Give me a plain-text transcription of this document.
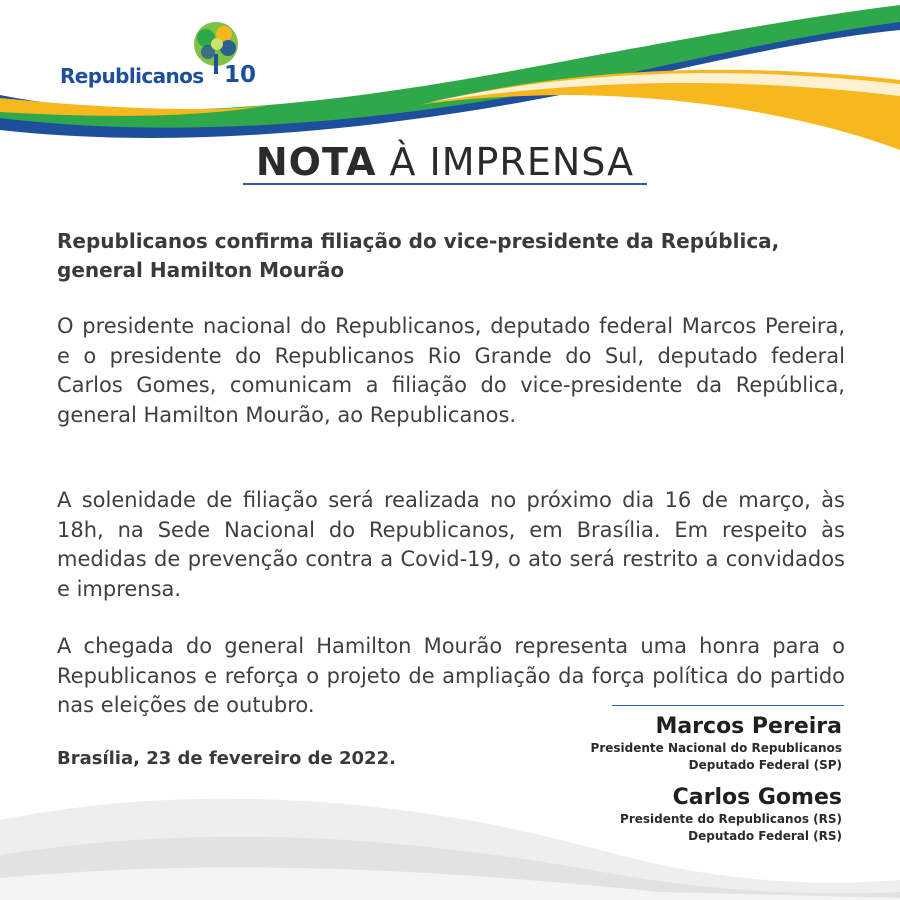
Republicanos 10
NOTA À IMPRENSA
Republicanos confirma filiação do vice-presidente da República, general Hamilton Mourão
O presidente nacional do Republicanos, deputado federal Marcos Pereira, e o presidente do Republicanos Rio Grande do Sul, deputado federal Carlos Gomes, comunicam a filiação do vice-presidente da República, general Hamilton Mourão, ao Republicanos.
A solenidade de filiação será realizada no próximo dia 16 de março, às 18h, na Sede Nacional do Republicanos, em Brasília. Em respeito às medidas de prevenção contra a Covid-19, o ato será restrito a convidados e imprensa.
A chegada do general Hamilton Mourão representa uma honra para o Republicanos e reforça o projeto de ampliação da força política do partido nas eleições de outubro.
Brasília, 23 de fevereiro de 2022.
Marcos Pereira
Presidente Nacional do Republicanos
Deputado Federal (SP)
Carlos Gomes
Presidente do Republicanos (RS)
Deputado Federal (RS)
